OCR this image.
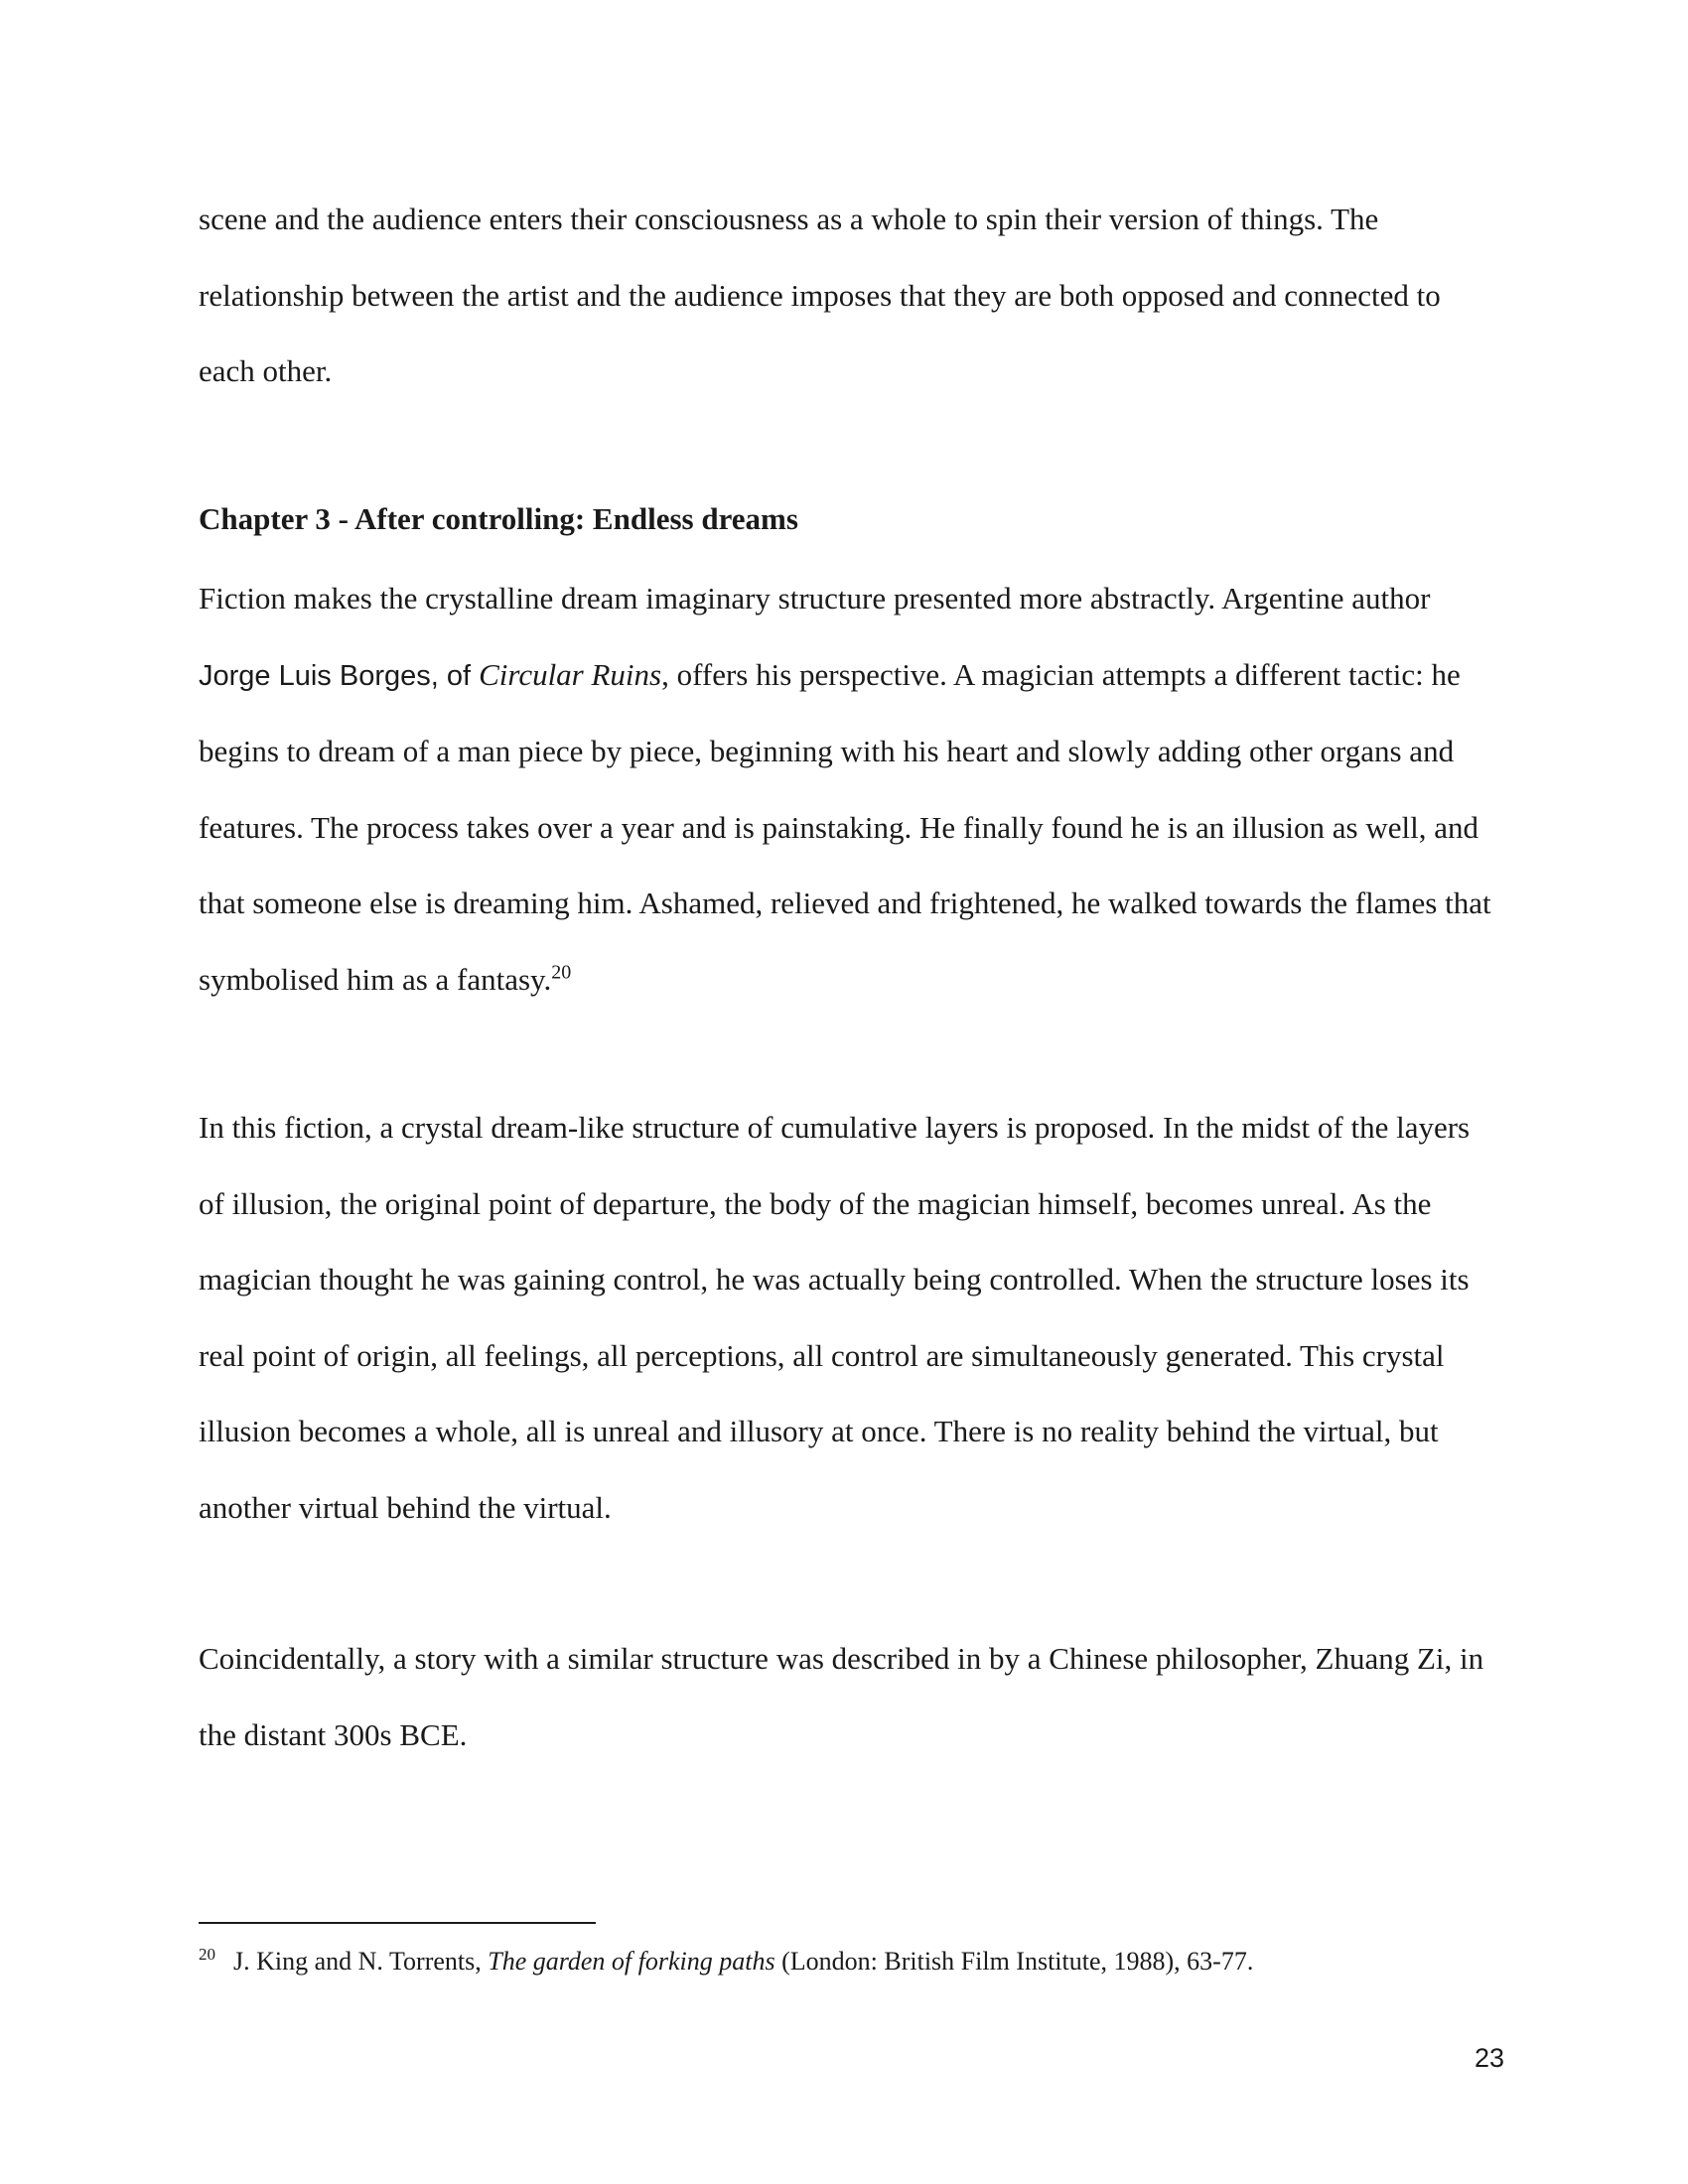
scene and the audience enters their consciousness as a whole to spin their version of things. The relationship between the artist and the audience imposes that they are both opposed and connected to each other.

Chapter 3 - After controlling: Endless dreams

Fiction makes the crystalline dream imaginary structure presented more abstractly. Argentine author Jorge Luis Borges, of Circular Ruins, offers his perspective. A magician attempts a different tactic: he begins to dream of a man piece by piece, beginning with his heart and slowly adding other organs and features. The process takes over a year and is painstaking. He finally found he is an illusion as well, and that someone else is dreaming him. Ashamed, relieved and frightened, he walked towards the flames that symbolised him as a fantasy.$^{20}$

In this fiction, a crystal dream-like structure of cumulative layers is proposed. In the midst of the layers of illusion, the original point of departure, the body of the magician himself, becomes unreal. As the magician thought he was gaining control, he was actually being controlled. When the structure loses its real point of origin, all feelings, all perceptions, all control are simultaneously generated. This crystal illusion becomes a whole, all is unreal and illusory at once. There is no reality behind the virtual, but another virtual behind the virtual.

Coincidentally, a story with a similar structure was described in by a Chinese philosopher, Zhuang Zi, in the distant 300s BCE.

$^{20}$ J. King and N. Torrents, The garden of forking paths (London: British Film Institute, 1988), 63-77.

23
